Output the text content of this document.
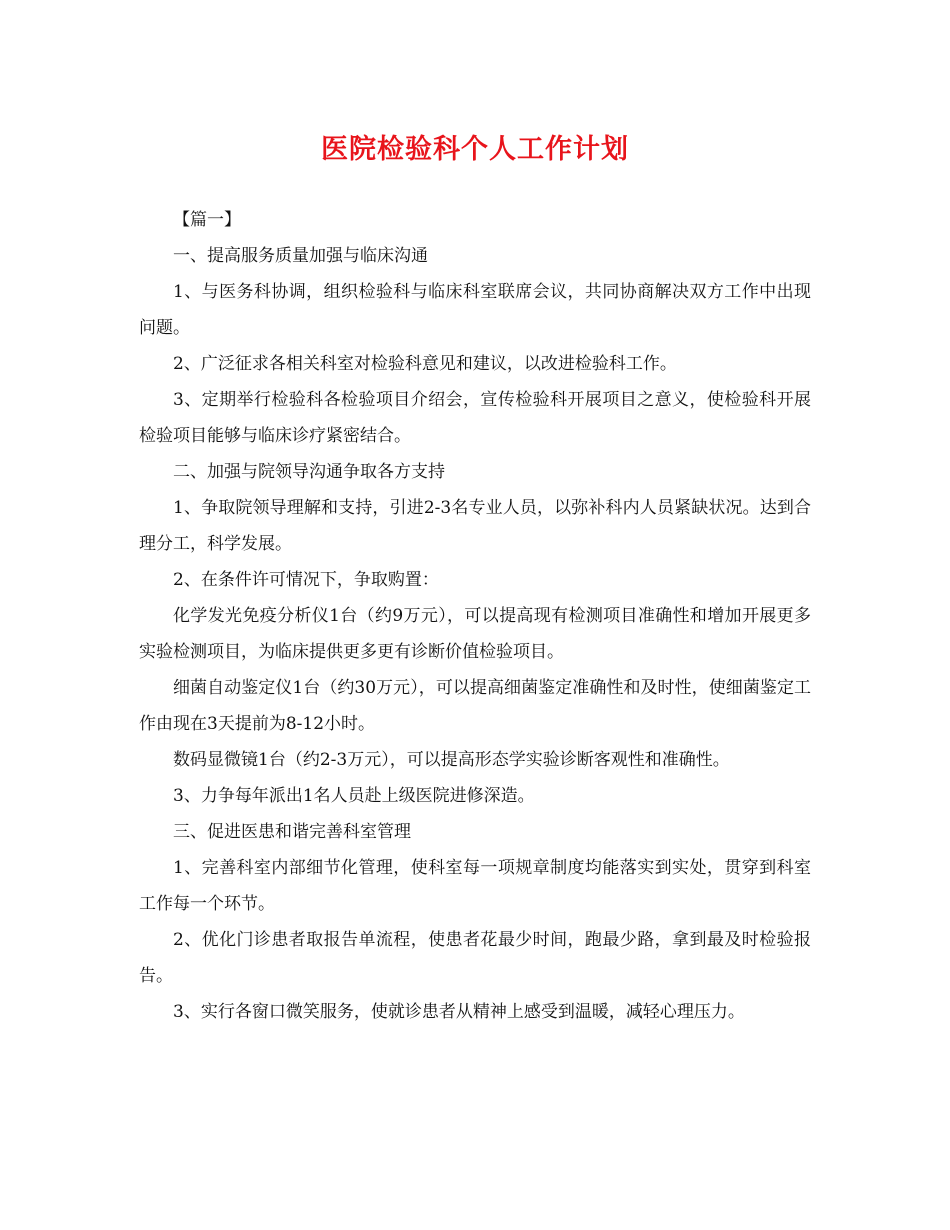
医院检验科个人工作计划

【篇一】

一、提高服务质量加强与临床沟通

1、与医务科协调，组织检验科与临床科室联席会议，共同协商解决双方工作中出现问题。

2、广泛征求各相关科室对检验科意见和建议，以改进检验科工作。

3、定期举行检验科各检验项目介绍会，宣传检验科开展项目之意义，使检验科开展检验项目能够与临床诊疗紧密结合。

二、加强与院领导沟通争取各方支持

1、争取院领导理解和支持，引进2-3名专业人员，以弥补科内人员紧缺状况。达到合理分工，科学发展。

2、在条件许可情况下，争取购置：

化学发光免疫分析仪1台（约9万元），可以提高现有检测项目准确性和增加开展更多实验检测项目，为临床提供更多更有诊断价值检验项目。

细菌自动鉴定仪1台（约30万元），可以提高细菌鉴定准确性和及时性，使细菌鉴定工作由现在3天提前为8-12小时。

数码显微镜1台（约2-3万元），可以提高形态学实验诊断客观性和准确性。

3、力争每年派出1名人员赴上级医院进修深造。

三、促进医患和谐完善科室管理

1、完善科室内部细节化管理，使科室每一项规章制度均能落实到实处，贯穿到科室工作每一个环节。

2、优化门诊患者取报告单流程，使患者花最少时间，跑最少路，拿到最及时检验报告。

3、实行各窗口微笑服务，使就诊患者从精神上感受到温暖，减轻心理压力。
